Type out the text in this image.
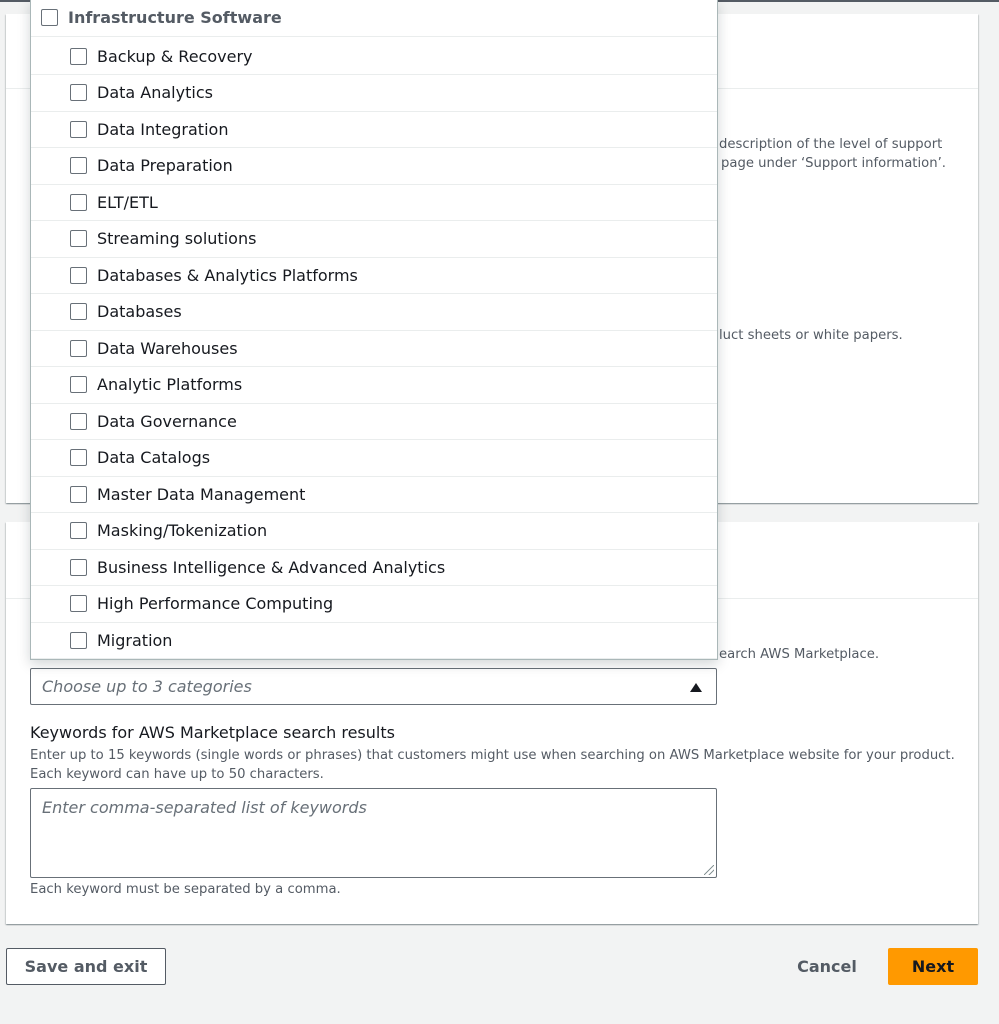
description of the level of support
page under ‘Support information’.
luct sheets or white papers.
earch AWS Marketplace.
Infrastructure Software
Backup & Recovery
Data Analytics
Data Integration
Data Preparation
ELT/ETL
Streaming solutions
Databases & Analytics Platforms
Databases
Data Warehouses
Analytic Platforms
Data Governance
Data Catalogs
Master Data Management
Masking/Tokenization
Business Intelligence & Advanced Analytics
High Performance Computing
Migration
Choose up to 3 categories
Keywords for AWS Marketplace search results
Enter up to 15 keywords (single words or phrases) that customers might use when searching on AWS Marketplace website for your product. Each keyword can have up to 50 characters.
Enter comma-separated list of keywords
Each keyword must be separated by a comma.
Save and exit	Cancel	Next
